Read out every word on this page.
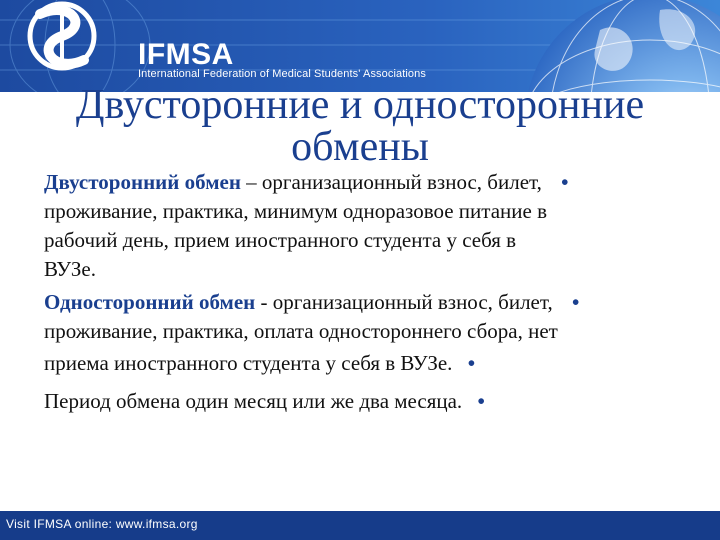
IFMSA
International Federation of Medical Students' Associations
Двусторонние и односторонние
обмены

Двусторонний обмен – организационный взнос, билет, •
проживание, практика, минимум одноразовое питание в
рабочий день, прием иностранного студента у себя в
ВУЗе.

Односторонний обмен - организационный взнос, билет, •
проживание, практика, оплата одностороннего сбора, нет
приема иностранного студента у себя в ВУЗе. •

Период обмена один месяц или же два месяца. •

Visit IFMSA online: www.ifmsa.org
